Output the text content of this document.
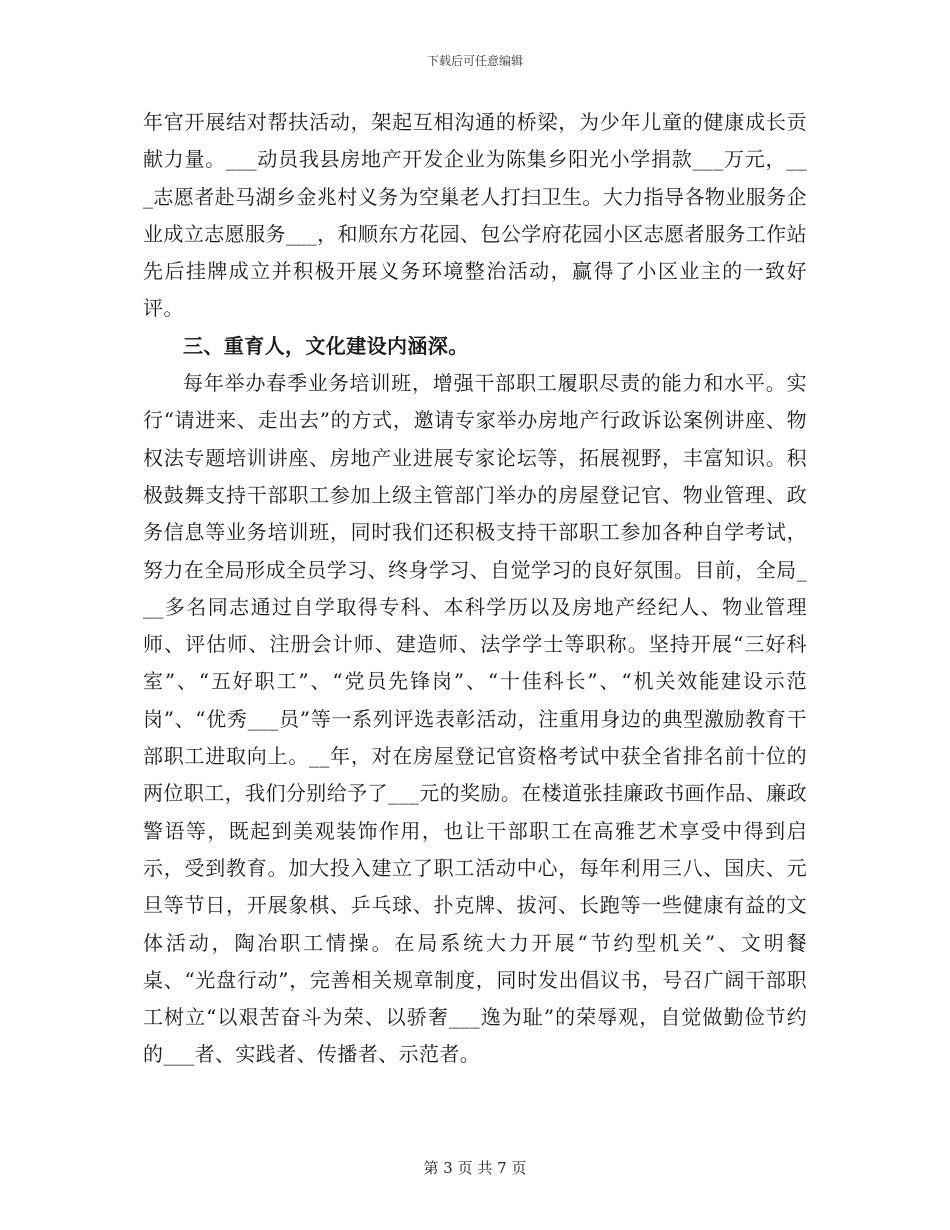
下载后可任意编辑

年官开展结对帮扶活动，架起互相沟通的桥梁，为少年儿童的健康成长贡献力量。___动员我县房地产开发企业为陈集乡阳光小学捐款___万元，___志愿者赴马湖乡金兆村义务为空巢老人打扫卫生。大力指导各物业服务企业成立志愿服务___，和顺东方花园、包公学府花园小区志愿者服务工作站先后挂牌成立并积极开展义务环境整治活动，赢得了小区业主的一致好评。

三、重育人，文化建设内涵深。

每年举办春季业务培训班，增强干部职工履职尽责的能力和水平。实行“请进来、走出去”的方式，邀请专家举办房地产行政诉讼案例讲座、物权法专题培训讲座、房地产业进展专家论坛等，拓展视野，丰富知识。积极鼓舞支持干部职工参加上级主管部门举办的房屋登记官、物业管理、政务信息等业务培训班，同时我们还积极支持干部职工参加各种自学考试，努力在全局形成全员学习、终身学习、自觉学习的良好氛围。目前，全局___多名同志通过自学取得专科、本科学历以及房地产经纪人、物业管理师、评估师、注册会计师、建造师、法学学士等职称。坚持开展“三好科室”、“五好职工”、“党员先锋岗”、“十佳科长”、“机关效能建设示范岗”、“优秀___员”等一系列评选表彰活动，注重用身边的典型激励教育干部职工进取向上。__年，对在房屋登记官资格考试中获全省排名前十位的两位职工，我们分别给予了___元的奖励。在楼道张挂廉政书画作品、廉政警语等，既起到美观装饰作用，也让干部职工在高雅艺术享受中得到启示，受到教育。加大投入建立了职工活动中心，每年利用三八、国庆、元旦等节日，开展象棋、乒乓球、扑克牌、拔河、长跑等一些健康有益的文体活动，陶冶职工情操。在局系统大力开展“节约型机关”、文明餐桌、“光盘行动”，完善相关规章制度，同时发出倡议书，号召广阔干部职工树立“以艰苦奋斗为荣、以骄奢___逸为耻”的荣辱观，自觉做勤俭节约的___者、实践者、传播者、示范者。

第 3 页 共 7 页
